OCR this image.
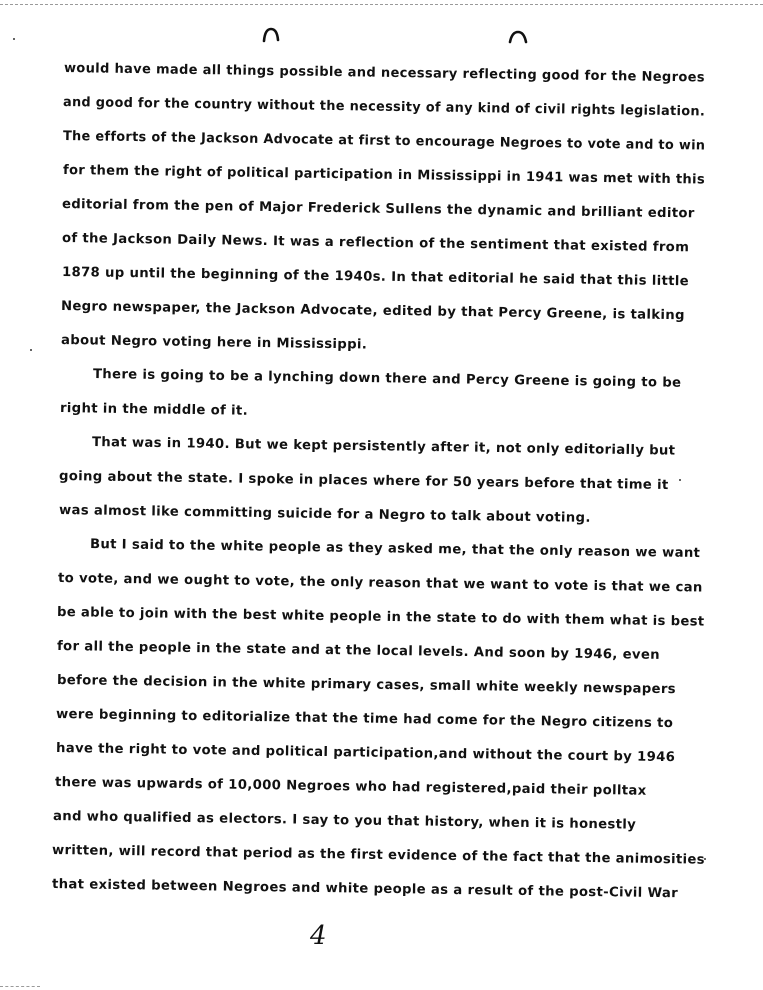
would have made all things possible and necessary reflecting good for the Negroes
and good for the country without the necessity of any kind of civil rights legislation.
The efforts of the Jackson Advocate at first to encourage Negroes to vote and to win
for them the right of political participation in Mississippi in 1941 was met with this
editorial from the pen of Major Frederick Sullens the dynamic and brilliant editor
of the Jackson Daily News. It was a reflection of the sentiment that existed from
1878 up until the beginning of the 1940s. In that editorial he said that this little
Negro newspaper, the Jackson Advocate, edited by that Percy Greene, is talking
about Negro voting here in Mississippi.
There is going to be a lynching down there and Percy Greene is going to be
right in the middle of it.
That was in 1940. But we kept persistently after it, not only editorially but
going about the state. I spoke in places where for 50 years before that time it
was almost like committing suicide for a Negro to talk about voting.
But I said to the white people as they asked me, that the only reason we want
to vote, and we ought to vote, the only reason that we want to vote is that we can
be able to join with the best white people in the state to do with them what is best
for all the people in the state and at the local levels. And soon by 1946, even
before the decision in the white primary cases, small white weekly newspapers
were beginning to editorialize that the time had come for the Negro citizens to
have the right to vote and political participation,and without the court by 1946
there was upwards of 10,000 Negroes who had registered,paid their polltax
and who qualified as electors. I say to you that history, when it is honestly
written, will record that period as the first evidence of the fact that the animosities
that existed between Negroes and white people as a result of the post-Civil War
4
